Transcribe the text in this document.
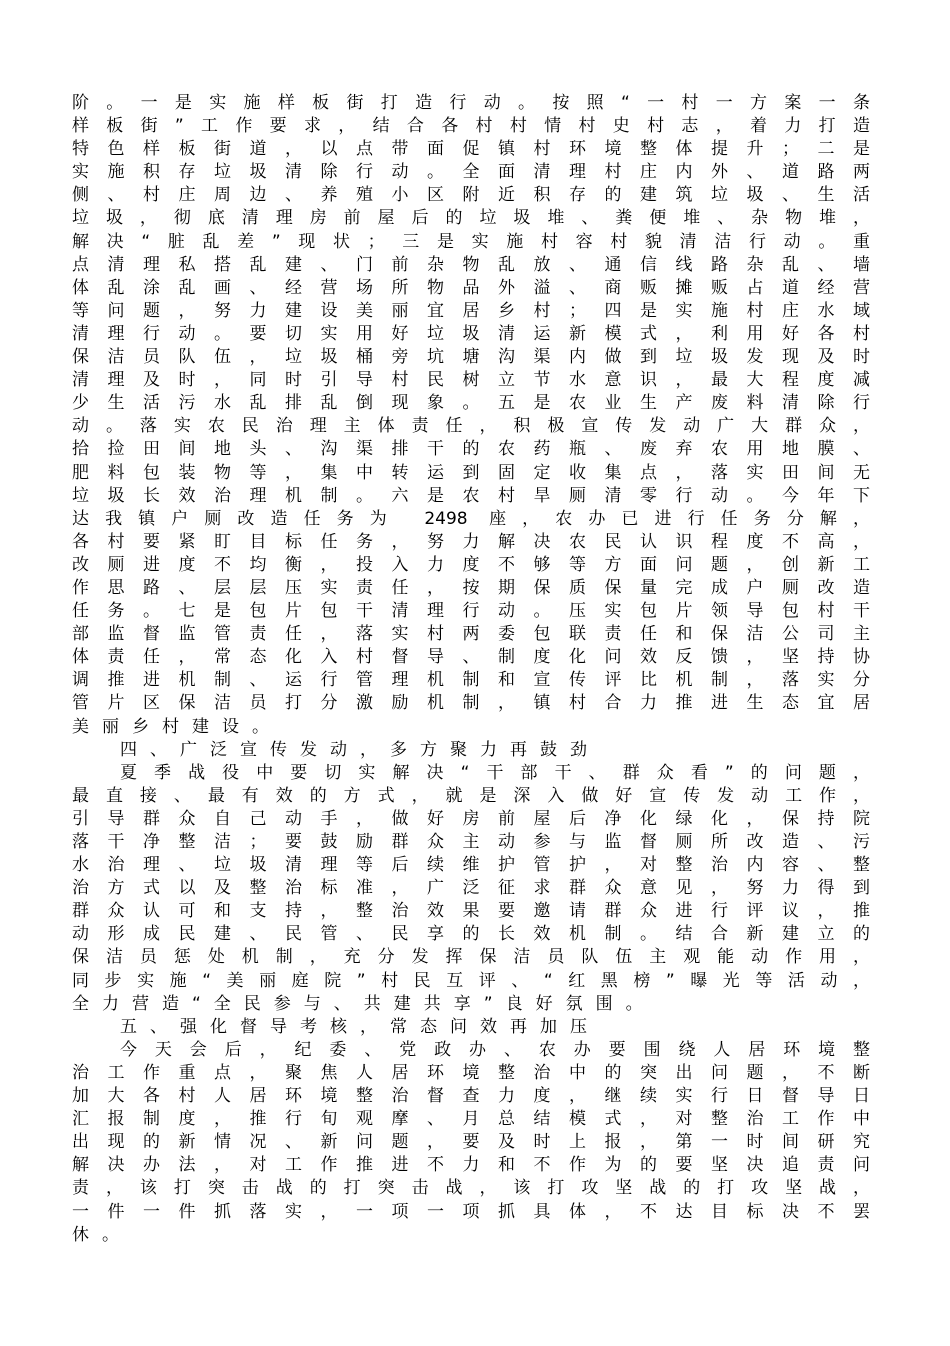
阶。一是实施样板街打造行动。按照“一村一方案一条
样板街”工作要求，结合各村村情村史村志，着力打造
特色样板街道，以点带面促镇村环境整体提升；二是
实施积存垃圾清除行动。全面清理村庄内外、道路两
侧、村庄周边、养殖小区附近积存的建筑垃圾、生活
垃圾，彻底清理房前屋后的垃圾堆、粪便堆、杂物堆，
解决“脏乱差”现状；三是实施村容村貌清洁行动。重
点清理私搭乱建、门前杂物乱放、通信线路杂乱、墙
体乱涂乱画、经营场所物品外溢、商贩摊贩占道经营
等问题，努力建设美丽宜居乡村；四是实施村庄水域
清理行动。要切实用好垃圾清运新模式，利用好各村
保洁员队伍，垃圾桶旁坑塘沟渠内做到垃圾发现及时
清理及时，同时引导村民树立节水意识，最大程度减
少生活污水乱排乱倒现象。五是农业生产废料清除行
动。落实农民治理主体责任，积极宣传发动广大群众，
拾捡田间地头、沟渠排干的农药瓶、废弃农用地膜、
肥料包装物等，集中转运到固定收集点，落实田间无
垃圾长效治理机制。六是农村旱厕清零行动。今年下
达我镇户厕改造任务为 2498 座，农办已进行任务分解，
各村要紧盯目标任务，努力解决农民认识程度不高，
改厕进度不均衡，投入力度不够等方面问题，创新工
作思路、层层压实责任，按期保质保量完成户厕改造
任务。七是包片包干清理行动。压实包片领导包村干
部监督监管责任，落实村两委包联责任和保洁公司主
体责任，常态化入村督导、制度化问效反馈，坚持协
调推进机制、运行管理机制和宣传评比机制，落实分
管片区保洁员打分激励机制，镇村合力推进生态宜居
美丽乡村建设。
四、广泛宣传发动，多方聚力再鼓劲
夏季战役中要切实解决“干部干、群众看”的问题，
最直接、最有效的方式，就是深入做好宣传发动工作，
引导群众自己动手，做好房前屋后净化绿化，保持院
落干净整洁；要鼓励群众主动参与监督厕所改造、污
水治理、垃圾清理等后续维护管护，对整治内容、整
治方式以及整治标准，广泛征求群众意见，努力得到
群众认可和支持，整治效果要邀请群众进行评议，推
动形成民建、民管、民享的长效机制。结合新建立的
保洁员惩处机制，充分发挥保洁员队伍主观能动作用，
同步实施“美丽庭院”村民互评、“红黑榜”曝光等活动，
全力营造“全民参与、共建共享”良好氛围。
五、强化督导考核，常态问效再加压
今天会后，纪委、党政办、农办要围绕人居环境整
治工作重点，聚焦人居环境整治中的突出问题，不断
加大各村人居环境整治督查力度，继续实行日督导日
汇报制度，推行旬观摩、月总结模式，对整治工作中
出现的新情况、新问题，要及时上报，第一时间研究
解决办法，对工作推进不力和不作为的要坚决追责问
责，该打突击战的打突击战，该打攻坚战的打攻坚战，
一件一件抓落实，一项一项抓具体，不达目标决不罢
休。
